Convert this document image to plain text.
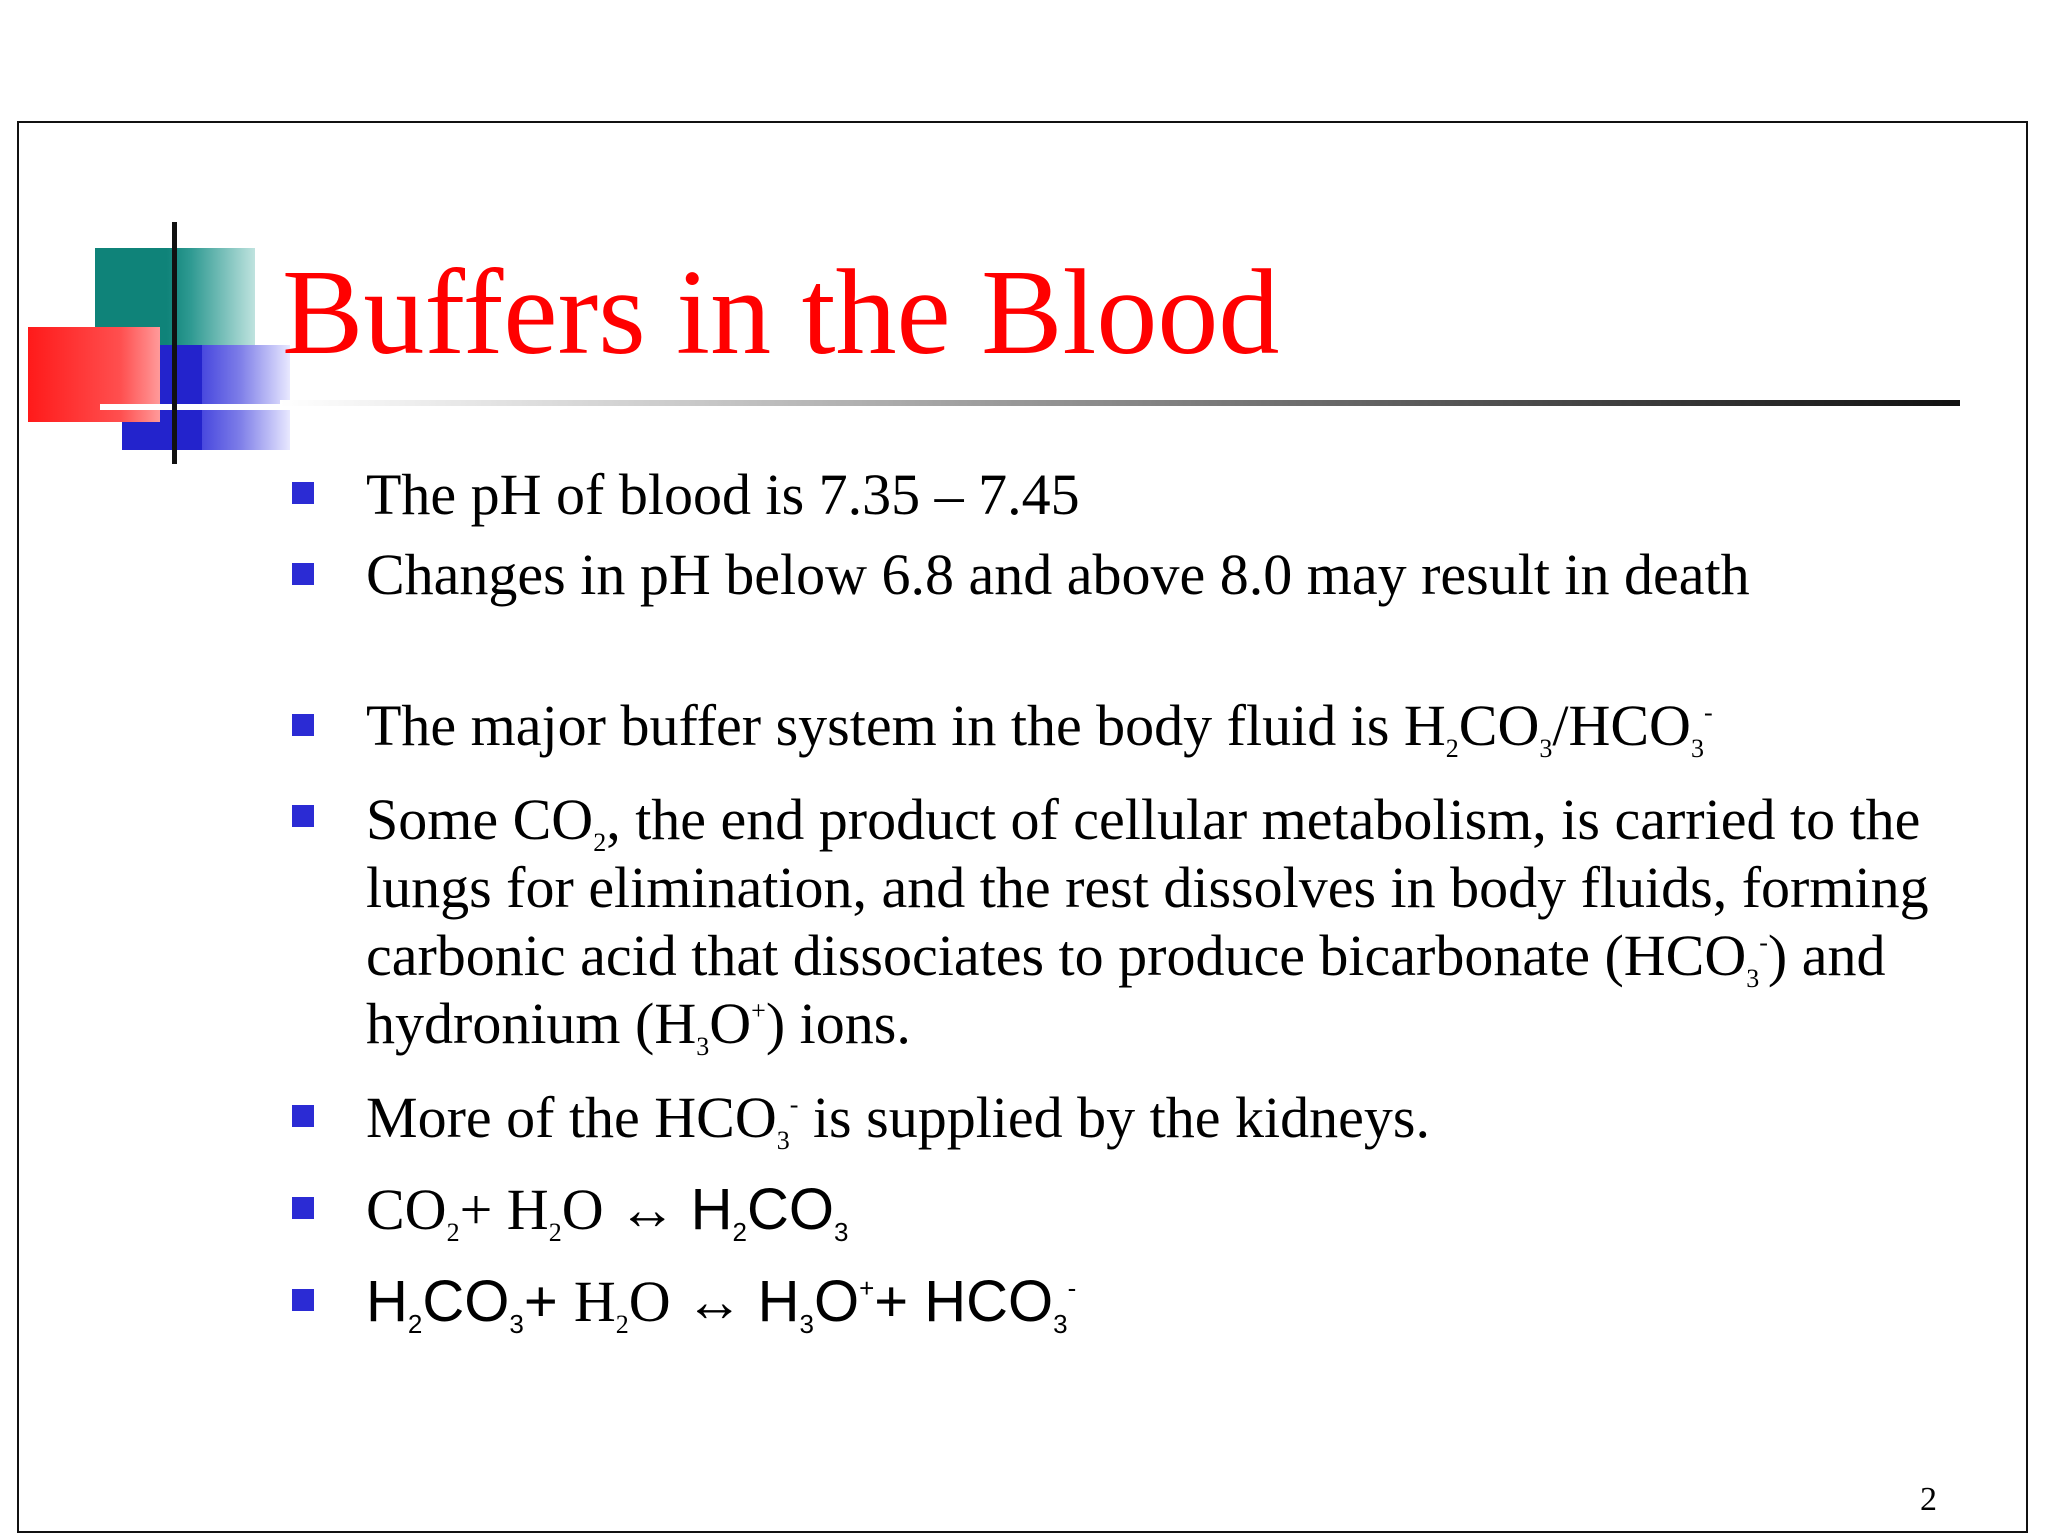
Buffers in the Blood
The pH of blood is 7.35 – 7.45
Changes in pH below 6.8 and above 8.0 may result in death
The major buffer system in the body fluid is $H_2CO_3/HCO_3^-$
Some $CO_2$, the end product of cellular metabolism, is carried to the lungs for elimination, and the rest dissolves in body fluids, forming carbonic acid that dissociates to produce bicarbonate $(HCO_3^-)$ and hydronium $(H_3O^+)$ ions.
More of the $HCO_3^-$ is supplied by the kidneys.
$CO_2+ H_2O$ ↔ $H_2CO_3$
$H_2CO_3+ H_2O$ ↔ $H_3O^++ HCO_3^-$
2
